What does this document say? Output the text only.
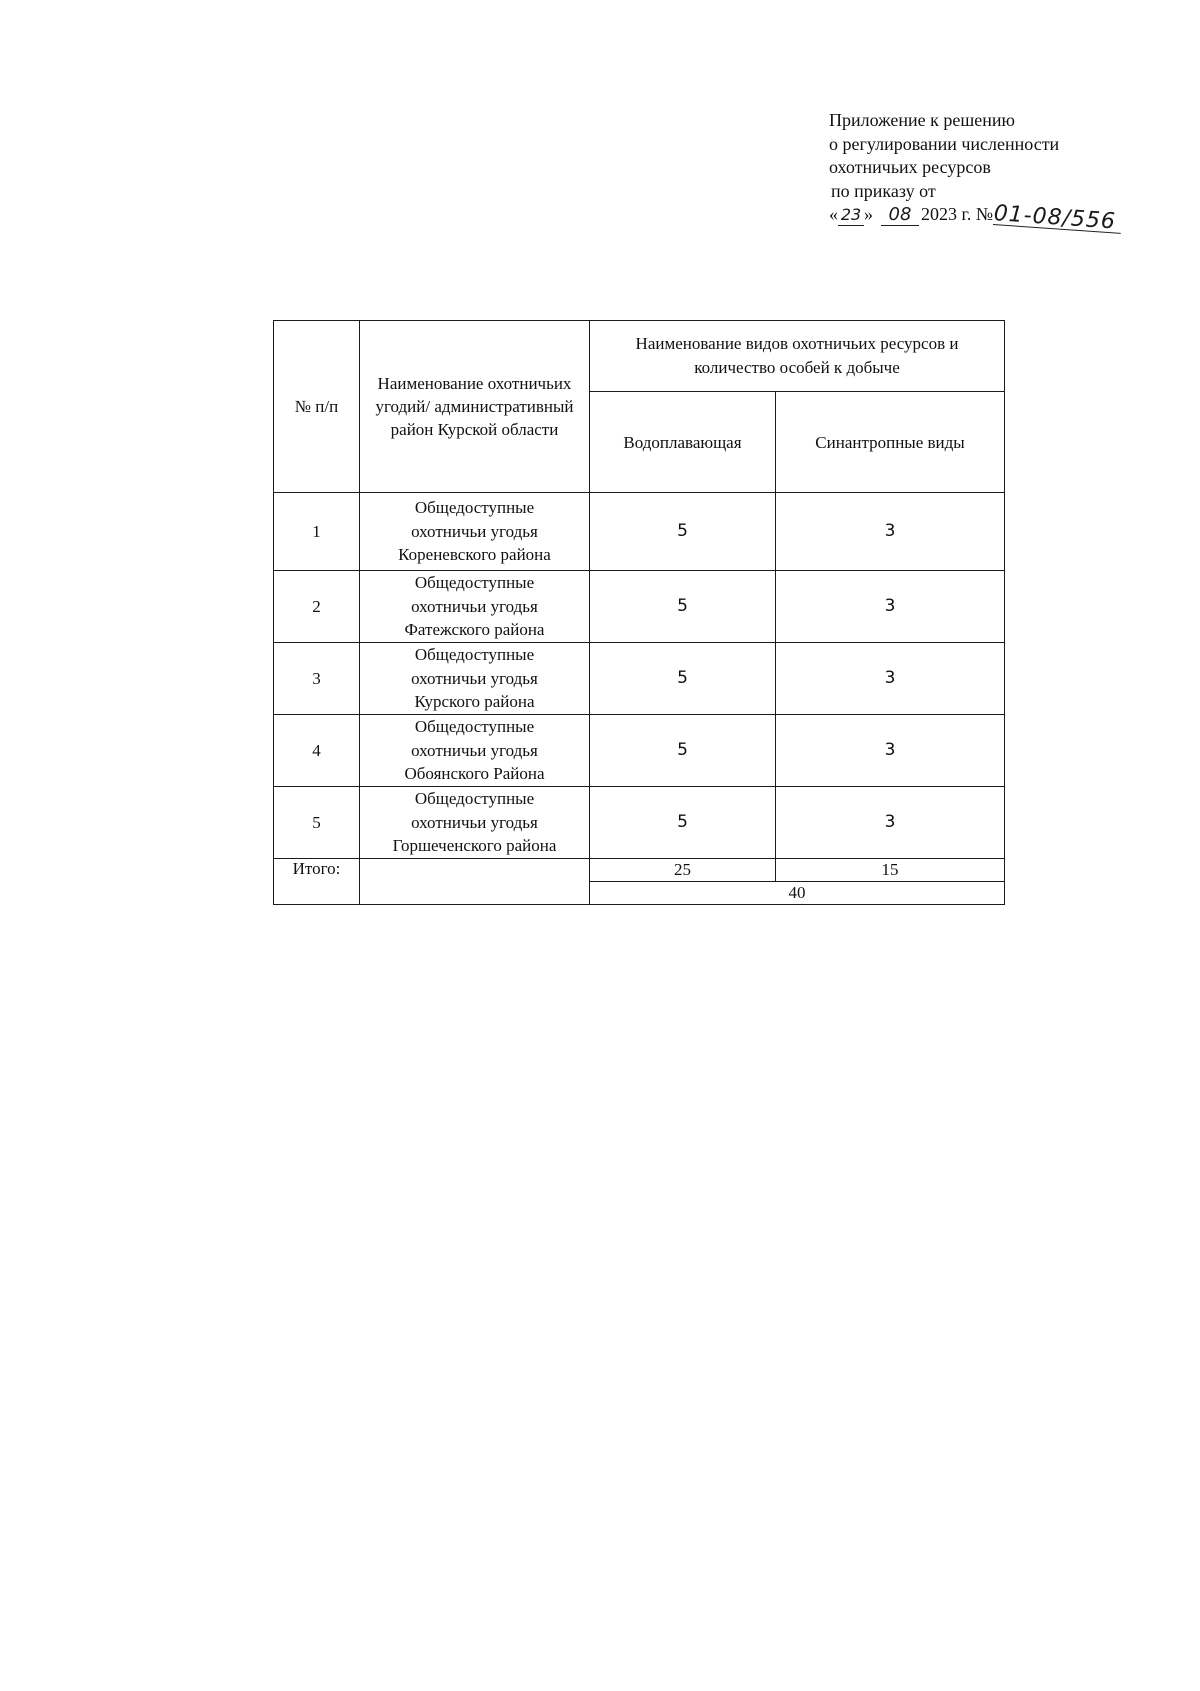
Приложение к решению
о регулировании численности
охотничьих ресурсов
по приказу от
« 23 » 08 2023 г. №01-08/556
№ п/п	Наименование охотничьих угодий/ административный район Курской области	Наименование видов охотничьих ресурсов и количество особей к добыче	
		Водоплавающая	Синантропные виды
1	Общедоступные
охотничьи угодья
Кореневского района	5	3
2	Общедоступные
охотничьи угодья
Фатежского района	5	3
3	Общедоступные
охотничьи угодья
Курского района	5	3
4	Общедоступные
охотничьи угодья
Обоянского Района	5	3
5	Общедоступные
охотничьи угодья
Горшеченского района	5	3
Итого:		25	15
		40	
